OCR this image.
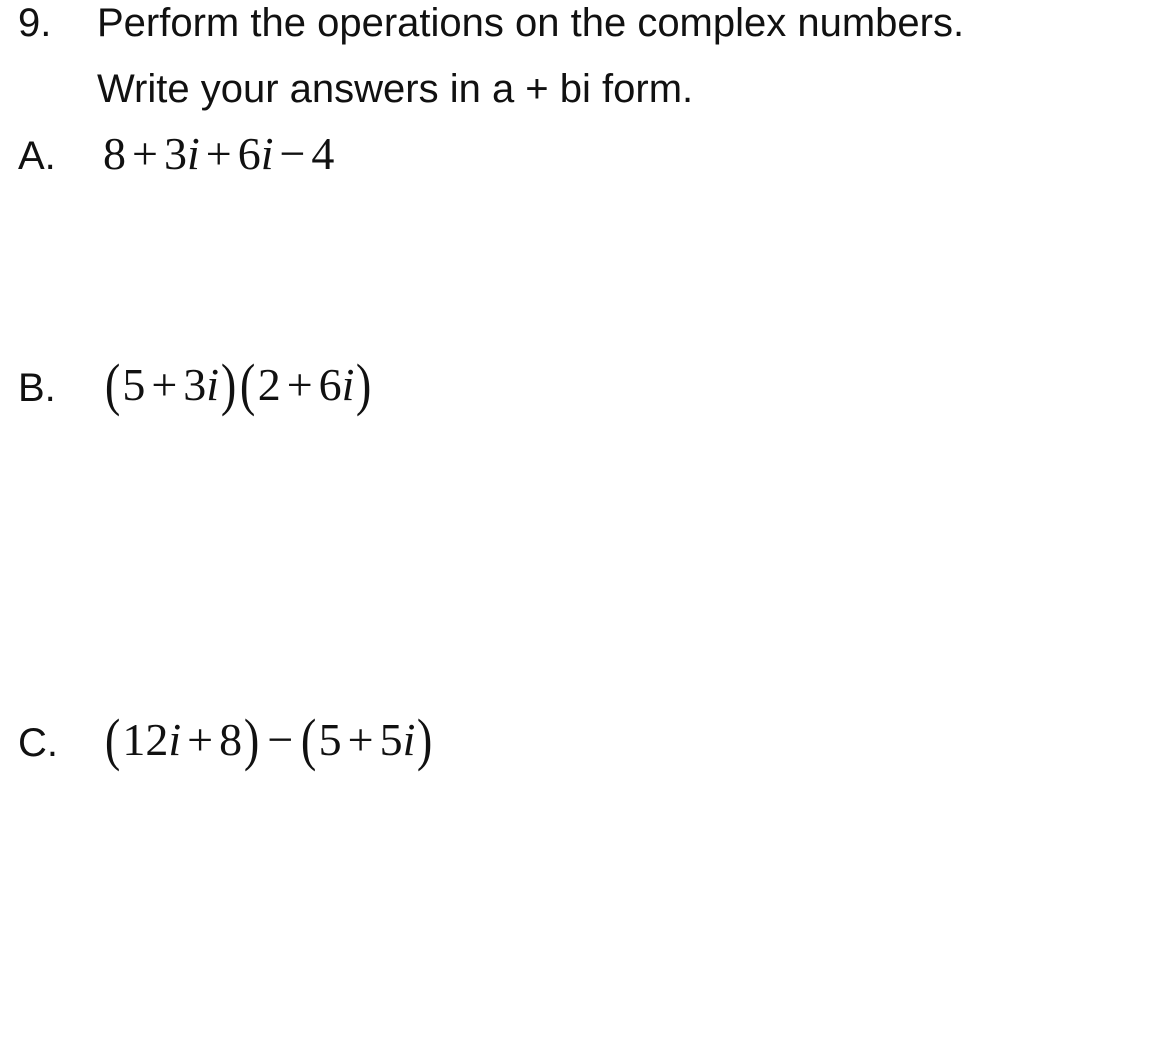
9. Perform the operations on the complex numbers.
Write your answers in a + bi form.
A. 8 + 3i + 6i − 4
B. (5 + 3i)(2 + 6i)
C. (12i + 8) − (5 + 5i)
